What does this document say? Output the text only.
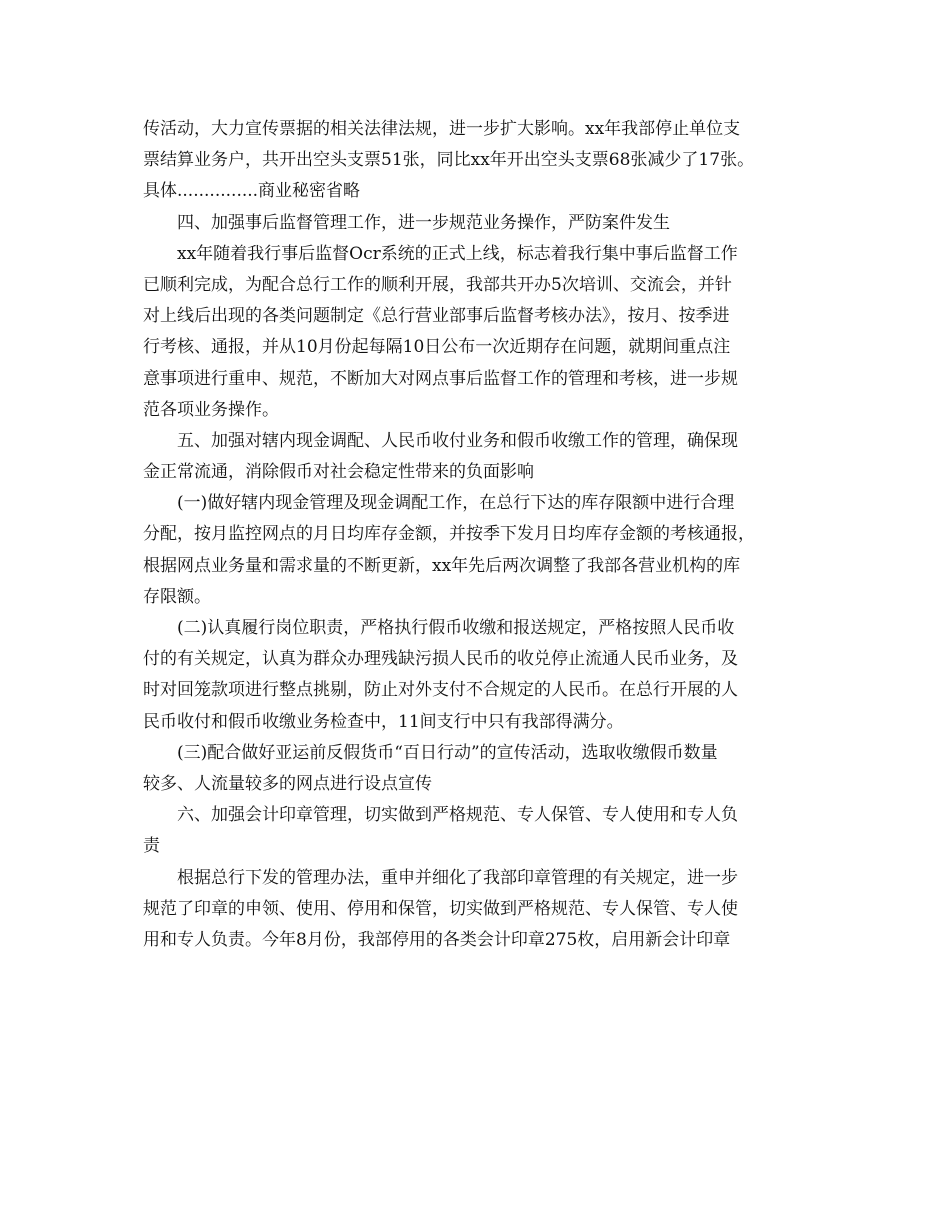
传活动，大力宣传票据的相关法律法规，进一步扩大影响。xx年我部停止单位支
票结算业务户，共开出空头支票51张，同比xx年开出空头支票68张减少了17张。
具体...............商业秘密省略
四、加强事后监督管理工作，进一步规范业务操作，严防案件发生
xx年随着我行事后监督Ocr系统的正式上线，标志着我行集中事后监督工作
已顺利完成，为配合总行工作的顺利开展，我部共开办5次培训、交流会，并针
对上线后出现的各类问题制定《总行营业部事后监督考核办法》，按月、按季进
行考核、通报，并从10月份起每隔10日公布一次近期存在问题，就期间重点注
意事项进行重申、规范，不断加大对网点事后监督工作的管理和考核，进一步规
范各项业务操作。
五、加强对辖内现金调配、人民币收付业务和假币收缴工作的管理，确保现
金正常流通，消除假币对社会稳定性带来的负面影响
(一)做好辖内现金管理及现金调配工作，在总行下达的库存限额中进行合理
分配，按月监控网点的月日均库存金额，并按季下发月日均库存金额的考核通报，
根据网点业务量和需求量的不断更新，xx年先后两次调整了我部各营业机构的库
存限额。
(二)认真履行岗位职责，严格执行假币收缴和报送规定，严格按照人民币收
付的有关规定，认真为群众办理残缺污损人民币的收兑停止流通人民币业务，及
时对回笼款项进行整点挑剔，防止对外支付不合规定的人民币。在总行开展的人
民币收付和假币收缴业务检查中，11间支行中只有我部得满分。
(三)配合做好亚运前反假货币“百日行动”的宣传活动，选取收缴假币数量
较多、人流量较多的网点进行设点宣传
六、加强会计印章管理，切实做到严格规范、专人保管、专人使用和专人负
责
根据总行下发的管理办法，重申并细化了我部印章管理的有关规定，进一步
规范了印章的申领、使用、停用和保管，切实做到严格规范、专人保管、专人使
用和专人负责。今年8月份，我部停用的各类会计印章275枚，启用新会计印章
